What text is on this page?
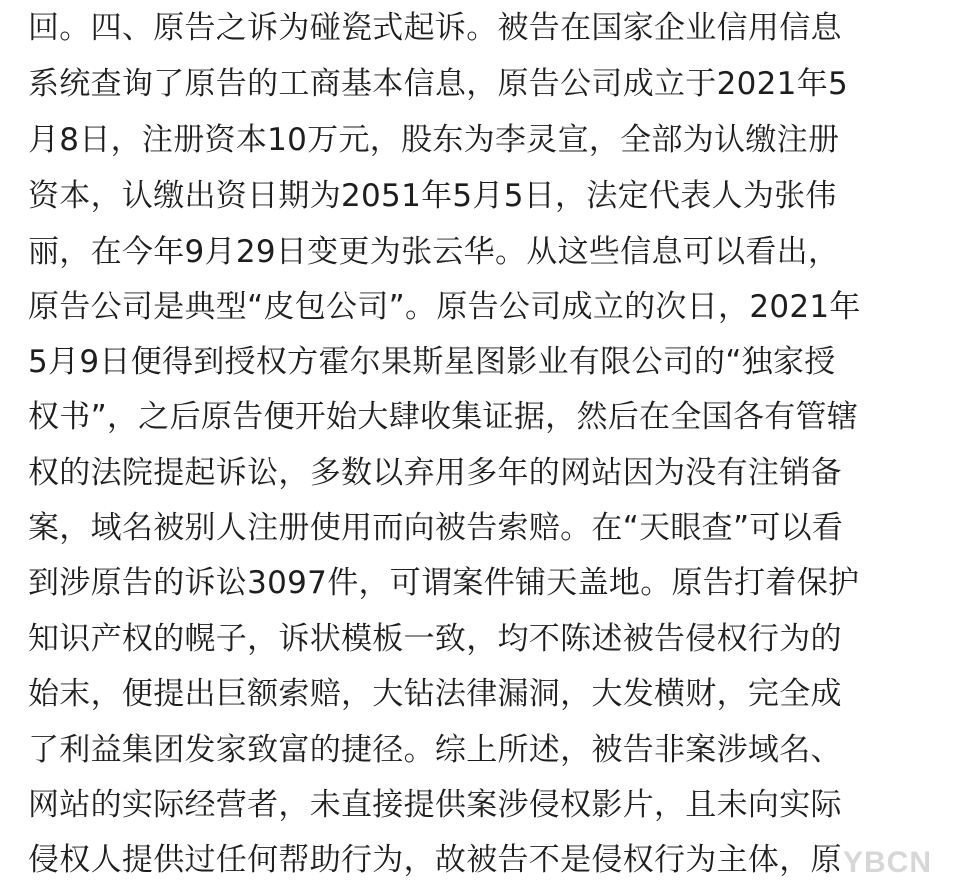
回。四、原告之诉为碰瓷式起诉。被告在国家企业信用信息
系统查询了原告的工商基本信息，原告公司成立于2021年5
月8日，注册资本10万元，股东为李灵宣，全部为认缴注册
资本，认缴出资日期为2051年5月5日，法定代表人为张伟
丽，在今年9月29日变更为张云华。从这些信息可以看出，
原告公司是典型“皮包公司”。原告公司成立的次日，2021年
5月9日便得到授权方霍尔果斯星图影业有限公司的“独家授
权书”，之后原告便开始大肆收集证据，然后在全国各有管辖
权的法院提起诉讼，多数以弃用多年的网站因为没有注销备
案，域名被别人注册使用而向被告索赔。在“天眼查”可以看
到涉原告的诉讼3097件，可谓案件铺天盖地。原告打着保护
知识产权的幌子，诉状模板一致，均不陈述被告侵权行为的
始末，便提出巨额索赔，大钻法律漏洞，大发横财，完全成
了利益集团发家致富的捷径。综上所述，被告非案涉域名、
网站的实际经营者，未直接提供案涉侵权影片，且未向实际
侵权人提供过任何帮助行为，故被告不是侵权行为主体，原 YBCN
